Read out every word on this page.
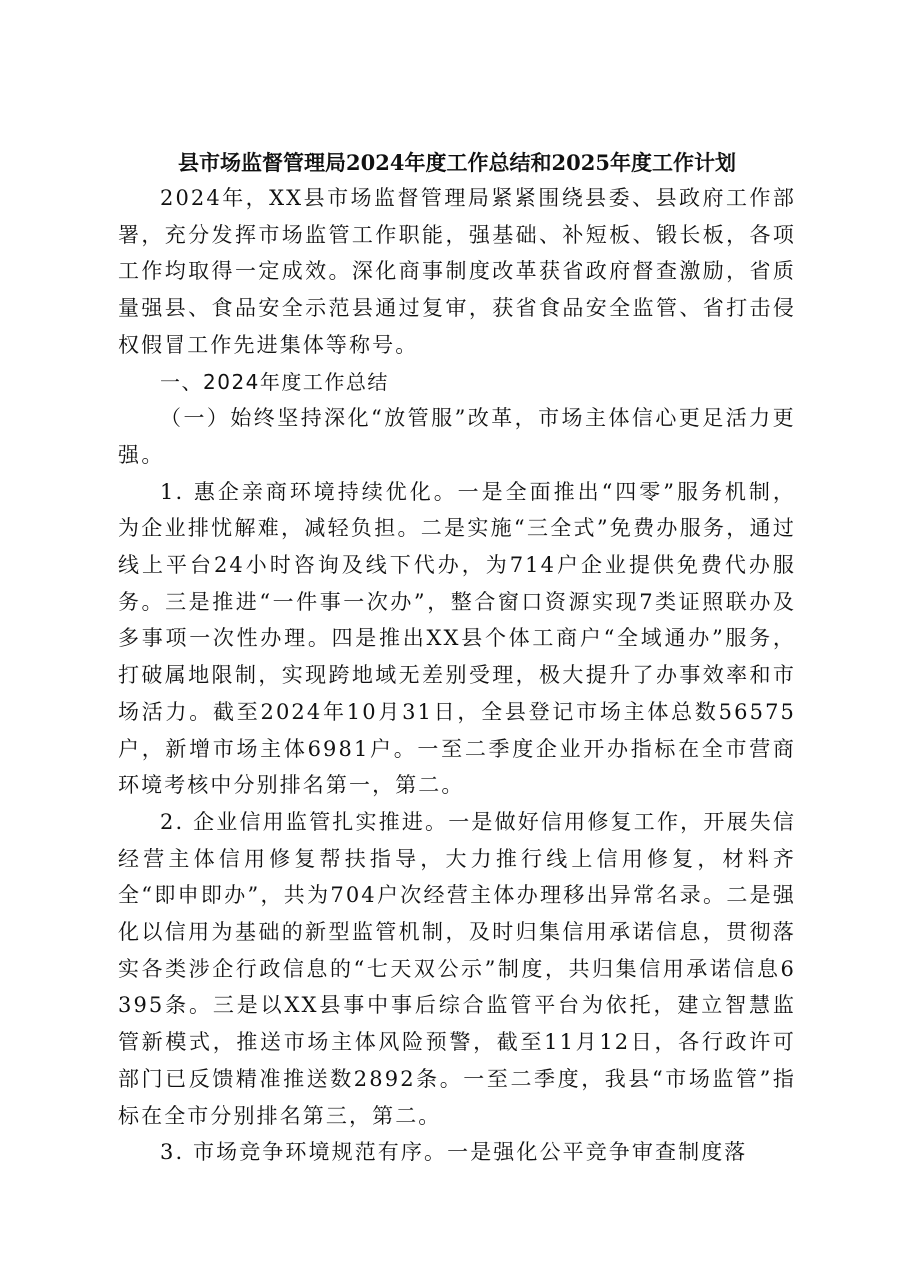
县市场监督管理局2024年度工作总结和2025年度工作计划

2024年，XX县市场监督管理局紧紧围绕县委、县政府工作部署，充分发挥市场监管工作职能，强基础、补短板、锻长板，各项工作均取得一定成效。深化商事制度改革获省政府督查激励，省质量强县、食品安全示范县通过复审，获省食品安全监管、省打击侵权假冒工作先进集体等称号。

一、2024年度工作总结

（一）始终坚持深化“放管服”改革，市场主体信心更足活力更强。

1. 惠企亲商环境持续优化。一是全面推出“四零”服务机制，为企业排忧解难，减轻负担。二是实施“三全式”免费办服务，通过线上平台24小时咨询及线下代办，为714户企业提供免费代办服务。三是推进“一件事一次办”，整合窗口资源实现7类证照联办及多事项一次性办理。四是推出XX县个体工商户“全域通办”服务，打破属地限制，实现跨地域无差别受理，极大提升了办事效率和市场活力。截至2024年10月31日，全县登记市场主体总数56575户，新增市场主体6981户。一至二季度企业开办指标在全市营商环境考核中分别排名第一，第二。

2. 企业信用监管扎实推进。一是做好信用修复工作，开展失信经营主体信用修复帮扶指导，大力推行线上信用修复，材料齐全“即申即办”，共为704户次经营主体办理移出异常名录。二是强化以信用为基础的新型监管机制，及时归集信用承诺信息，贯彻落实各类涉企行政信息的“七天双公示”制度，共归集信用承诺信息6395条。三是以XX县事中事后综合监管平台为依托，建立智慧监管新模式，推送市场主体风险预警，截至11月12日，各行政许可部门已反馈精准推送数2892条。一至二季度，我县“市场监管”指标在全市分别排名第三，第二。

3. 市场竞争环境规范有序。一是强化公平竞争审查制度落
